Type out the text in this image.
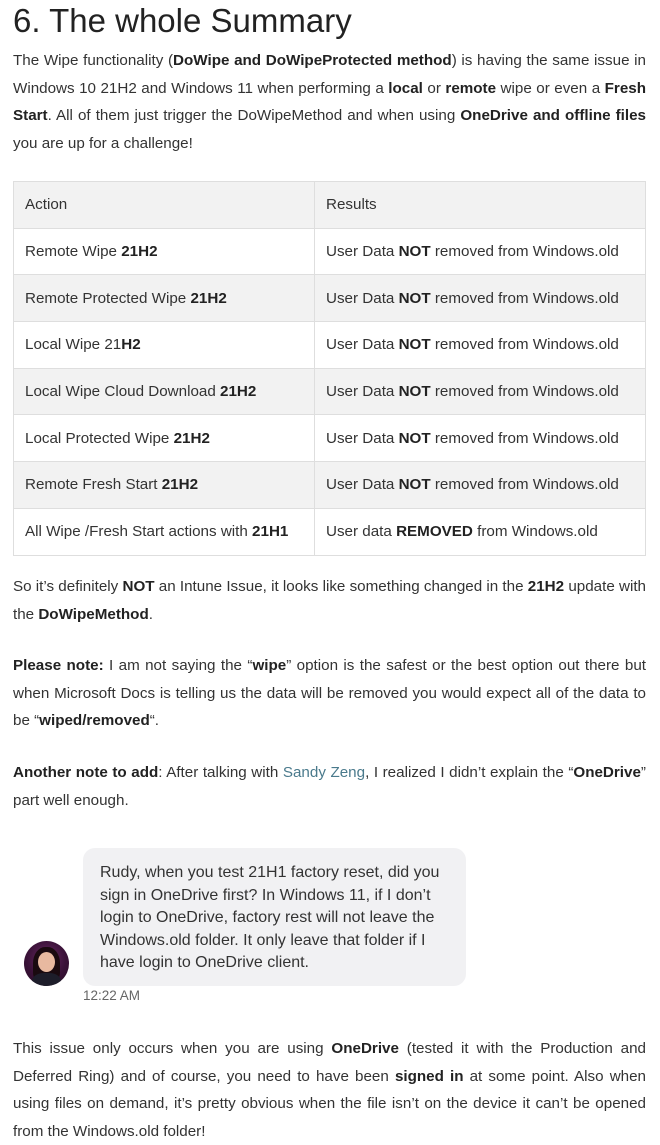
6. The whole Summary

The Wipe functionality (DoWipe and DoWipeProtected method) is having the same issue in Windows 10 21H2 and Windows 11 when performing a local or remote wipe or even a Fresh Start. All of them just trigger the DoWipeMethod and when using OneDrive and offline files you are up for a challenge!

Action	Results
Remote Wipe 21H2	User Data NOT removed from Windows.old
Remote Protected Wipe 21H2	User Data NOT removed from Windows.old
Local Wipe 21H2	User Data NOT removed from Windows.old
Local Wipe Cloud Download 21H2	User Data NOT removed from Windows.old
Local Protected Wipe 21H2	User Data NOT removed from Windows.old
Remote Fresh Start 21H2	User Data NOT removed from Windows.old
All Wipe /Fresh Start actions with 21H1	User data REMOVED from Windows.old

So it’s definitely NOT an Intune Issue, it looks like something changed in the 21H2 update with the DoWipeMethod.

Please note: I am not saying the “wipe” option is the safest or the best option out there but when Microsoft Docs is telling us the data will be removed you would expect all of the data to be “wiped/removed“.

Another note to add: After talking with Sandy Zeng, I realized I didn’t explain the “OneDrive” part well enough.

This issue only occurs when you are using OneDrive (tested it with the Production and Deferred Ring) and of course, you need to have been signed in at some point. Also when using files on demand, it’s pretty obvious when the file isn’t on the device it can’t be opened from the Windows.old folder!

Rudy, when you test 21H1 factory reset, did you sign in OneDrive first? In Windows 11, if I don’t login to OneDrive, factory rest will not leave the Windows.old folder. It only leave that folder if I have login to OneDrive client.
12:22 AM
